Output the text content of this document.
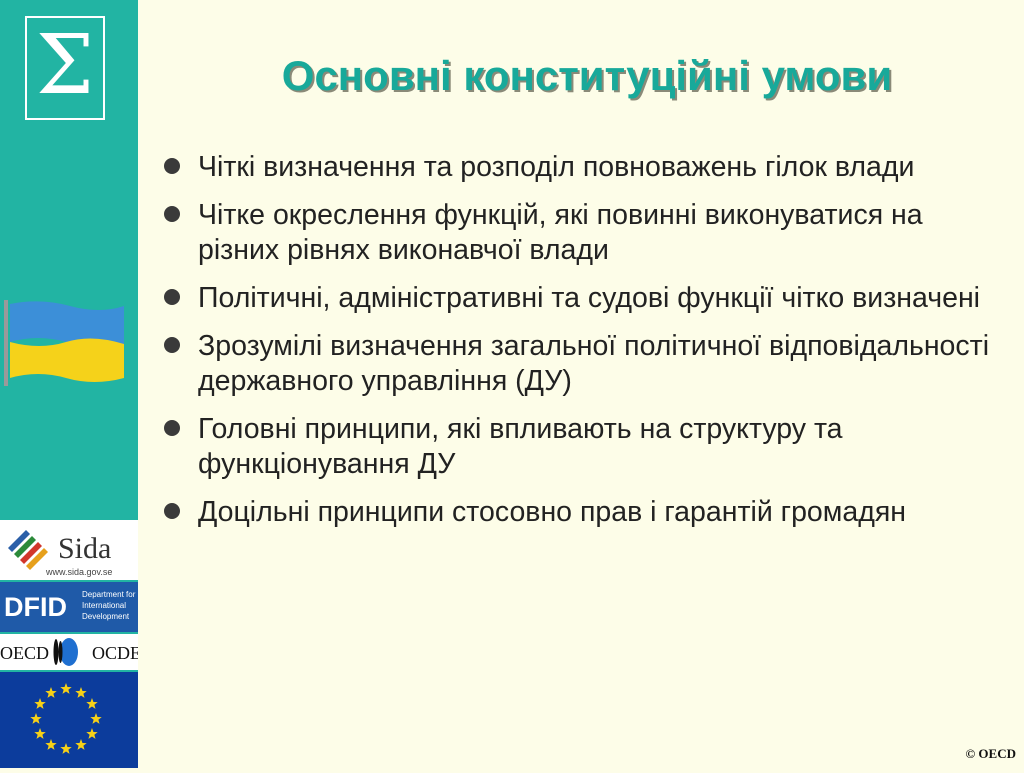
Σ
Sida
www.sida.gov.se
DFID Department for
International
Development
OECD OCDE
Основні конституційні умови
Чіткі визначення та розподіл повноважень гілок влади
Чітке окреслення функцій, які повинні виконуватися на різних рівнях виконавчої влади
Політичні, адміністративні та судові функції чітко визначені
Зрозумілі визначення загальної політичної відповідальності державного управління (ДУ)
Головні принципи, які впливають на структуру та функціонування ДУ
Доцільні принципи стосовно прав і гарантій громадян
© OECD
